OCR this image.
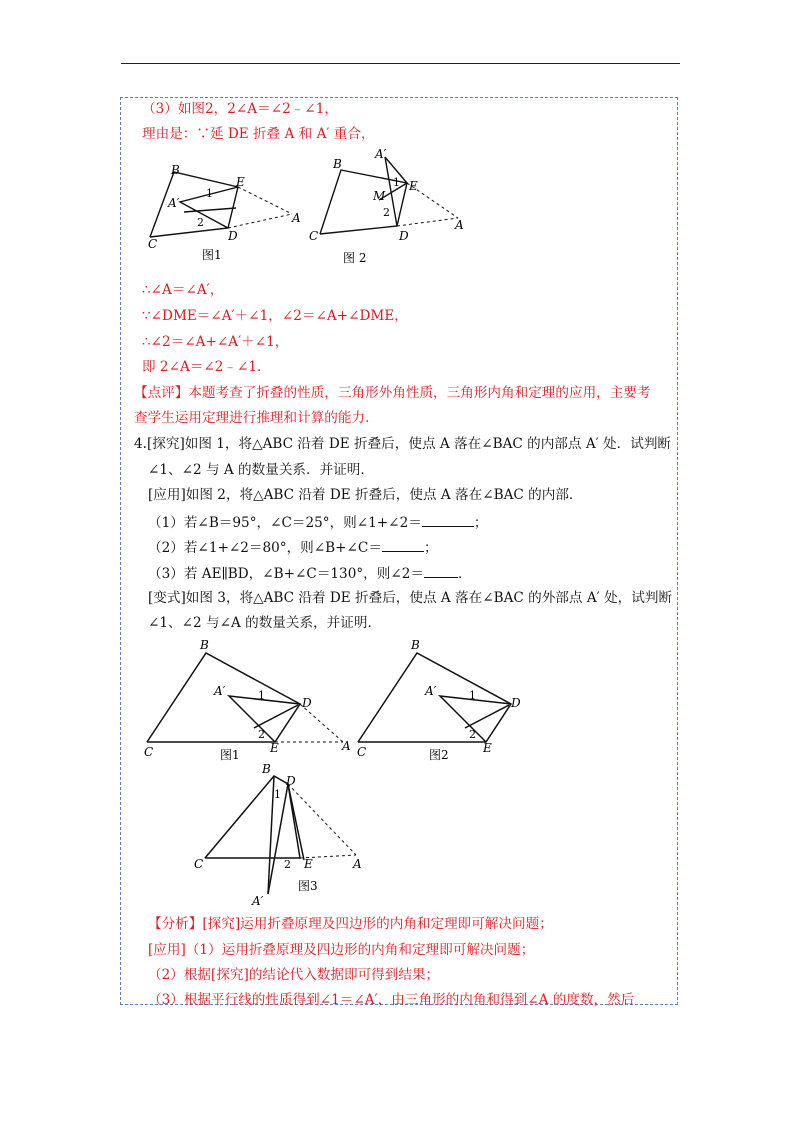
（3）如图2，2∠A＝∠2﹣∠1，
理由是：∵延 DE 折叠 A 和 A′ 重合，
B
C
E
D
A′
A
1
2
图1
B
C
A′
E
M
D
A
1
2
图 2
∴∠A＝∠A′，
∵∠DME＝∠A′＋∠1，∠2＝∠A+∠DME，
∴∠2＝∠A+∠A′＋∠1，
即 2∠A＝∠2﹣∠1．
【点评】本题考查了折叠的性质，三角形外角性质，三角形内角和定理的应用，主要考
查学生运用定理进行推理和计算的能力．
4.[探究]如图 1，将△ABC 沿着 DE 折叠后，使点 A 落在∠BAC 的内部点 A′ 处．试判断
∠1、∠2 与 A 的数量关系．并证明．
[应用]如图 2，将△ABC 沿着 DE 折叠后，使点 A 落在∠BAC 的内部．
（1）若∠B＝95°，∠C＝25°，则∠1+∠2＝	；
（2）若∠1+∠2＝80°，则∠B+∠C＝	；
（3）若 AE∥BD，∠B+∠C＝130°，则∠2＝	．
[变式]如图 3，将△ABC 沿着 DE 折叠后，使点 A 落在∠BAC 的外部点 A′ 处，试判断
∠1、∠2 与∠A 的数量关系，并证明．
B
C
A′
D
E	A
1
2
图1
B
C
A′
D
E
1
2
图2
B
D
C	E	A
A′
1
2
图3
【分析】[探究]运用折叠原理及四边形的内角和定理即可解决问题；
[应用]（1）运用折叠原理及四边形的内角和定理即可解决问题；
（2）根据[探究]的结论代入数据即可得到结果；
（3）根据平行线的性质得到∠1＝∠A′，由三角形的内角和得到∠A 的度数，然后
